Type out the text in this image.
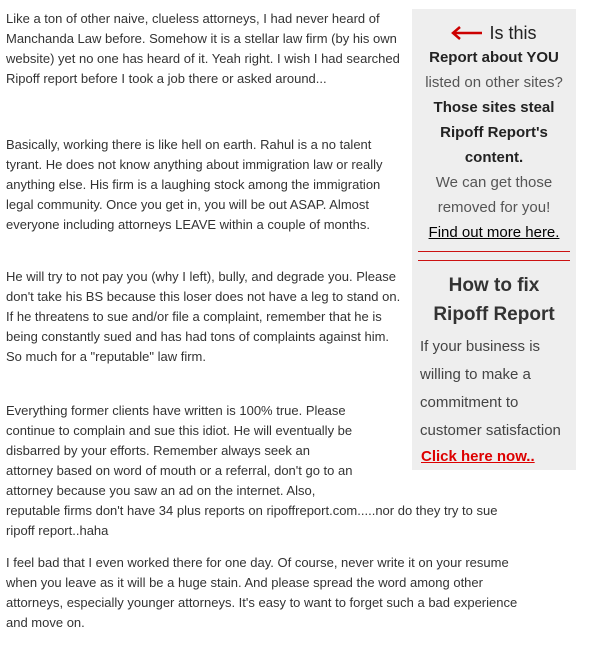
Like a ton of other naive, clueless attorneys, I had never heard of Manchanda Law before. Somehow it is a stellar law firm (by his own website) yet no one has heard of it. Yeah right. I wish I had searched Ripoff report before I took a job there or asked around...

Basically, working there is like hell on earth. Rahul is a no talent tyrant. He does not know anything about immigration law or really anything else. His firm is a laughing stock among the immigration legal community. Once you get in, you will be out ASAP. Almost everyone including attorneys LEAVE within a couple of months.

He will try to not pay you (why I left), bully, and degrade you. Please don't take his BS because this loser does not have a leg to stand on. If he threatens to sue and/or file a complaint, remember that he is being constantly sued and has had tons of complaints against him. So much for a "reputable" law firm.

Everything former clients have written is 100% true. Please
continue to complain and sue this idiot. He will eventually be
disbarred by your efforts. Remember always seek an
attorney based on word of mouth or a referral, don't go to an
attorney because you saw an ad on the internet. Also,
reputable firms don't have 34 plus reports on ripoffreport.com.....nor do they try to sue
ripoff report..haha
I feel bad that I even worked there for one day. Of course, never write it on your resume
when you leave as it will be a huge stain. And please spread the word among other
attorneys, especially younger attorneys. It's easy to want to forget such a bad experience
and move on.
Is this
Report about YOU
listed on other sites?
Those sites steal
Ripoff Report's
content.
We can get those
removed for you!
Find out more here.
How to fix
Ripoff Report
If your business is
willing to make a
commitment to
customer satisfaction
Click here now..
